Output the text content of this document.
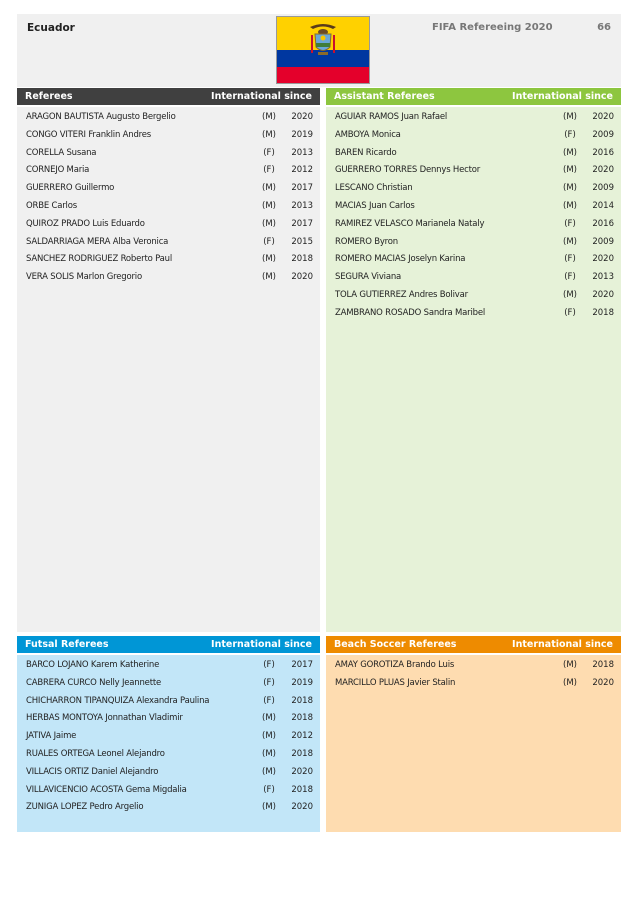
Ecuador	FIFA Refereeing 2020	66
Referees	International since
ARAGON BAUTISTA Augusto Bergelio	(M)	2020
CONGO VITERI Franklin Andres	(M)	2019
CORELLA Susana	(F)	2013
CORNEJO Maria	(F)	2012
GUERRERO Guillermo	(M)	2017
ORBE Carlos	(M)	2013
QUIROZ PRADO Luis Eduardo	(M)	2017
SALDARRIAGA MERA Alba Veronica	(F)	2015
SANCHEZ RODRIGUEZ Roberto Paul	(M)	2018
VERA SOLIS Marlon Gregorio	(M)	2020
Assistant Referees	International since
AGUIAR RAMOS Juan Rafael	(M)	2020
AMBOYA Monica	(F)	2009
BAREN Ricardo	(M)	2016
GUERRERO TORRES Dennys Hector	(M)	2020
LESCANO Christian	(M)	2009
MACIAS Juan Carlos	(M)	2014
RAMIREZ VELASCO Marianela Nataly	(F)	2016
ROMERO Byron	(M)	2009
ROMERO MACIAS Joselyn Karina	(F)	2020
SEGURA Viviana	(F)	2013
TOLA GUTIERREZ Andres Bolivar	(M)	2020
ZAMBRANO ROSADO Sandra Maribel	(F)	2018
Futsal Referees	International since
BARCO LOJANO Karem Katherine	(F)	2017
CABRERA CURCO Nelly Jeannette	(F)	2019
CHICHARRON TIPANQUIZA Alexandra Paulina	(F)	2018
HERBAS MONTOYA Jonnathan Vladimir	(M)	2018
JATIVA Jaime	(M)	2012
RUALES ORTEGA Leonel Alejandro	(M)	2018
VILLACIS ORTIZ Daniel Alejandro	(M)	2020
VILLAVICENCIO ACOSTA Gema Migdalia	(F)	2018
ZUNIGA LOPEZ Pedro Argelio	(M)	2020
Beach Soccer Referees	International since
AMAY GOROTIZA Brando Luis	(M)	2018
MARCILLO PLUAS Javier Stalin	(M)	2020
